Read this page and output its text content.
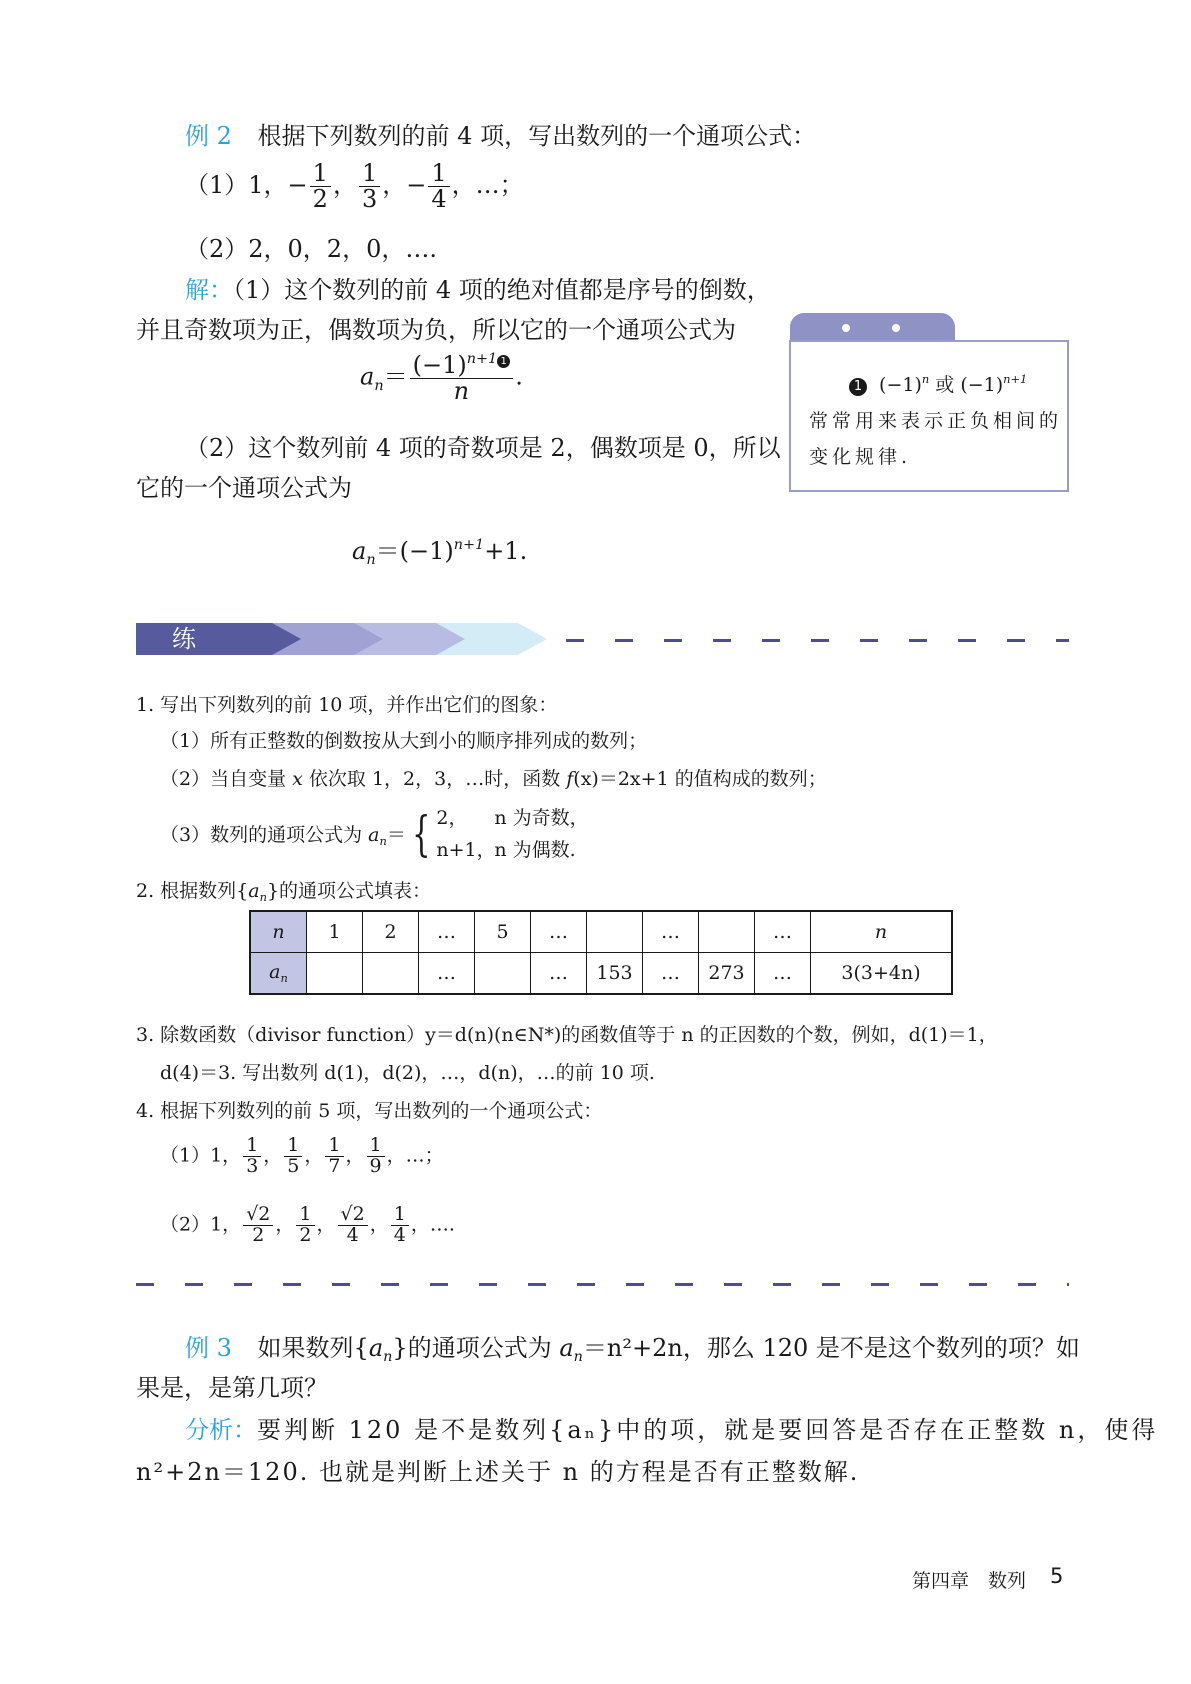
例 2 根据下列数列的前 4 项，写出数列的一个通项公式：
（1）1，− $\frac{1}{2}$ ， $\frac{1}{3}$ ，− $\frac{1}{4}$ ，…；
（2）2，0，2，0，….
解：（1）这个数列的前 4 项的绝对值都是序号的倒数，
并且奇数项为正，偶数项为负，所以它的一个通项公式为
$a_n= \frac{(-1)^{n+1} 1}{n}$ .
（2）这个数列前 4 项的奇数项是 2，偶数项是 0，所以
它的一个通项公式为
$a_n=(-1)^{n+1}+1$.
1 $(-1)^n$ 或 $(-1)^{n+1}$
常常用来表示正负相间的
变化规律.
练习
1. 写出下列数列的前 10 项，并作出它们的图象：
（1）所有正整数的倒数按从大到小的顺序排列成的数列；
（2）当自变量 x 依次取 1，2，3，…时，函数 f(x)＝2x+1 的值构成的数列；
（3）数列的通项公式为 $a_n=$ { 2， n 为奇数，
n+1，n 为偶数.
2. 根据数列$\{a_n\}$的通项公式填表：
n	1	2	…	5	…		…		…	n
$a_n$			…		…	153	…	273	…	3(3+4n)
3. 除数函数（divisor function）y＝d(n)(n∈N*)的函数值等于 n 的正因数的个数，例如，d(1)＝1，
d(4)＝3. 写出数列 d(1)，d(2)，…，d(n)，…的前 10 项.
4. 根据下列数列的前 5 项，写出数列的一个通项公式：
（1）1， $\frac{1}{3}$ ， $\frac{1}{5}$ ， $\frac{1}{7}$ ， $\frac{1}{9}$ ，…；
（2）1， $\frac{√2}{2}$ ， $\frac{1}{2}$ ， $\frac{√2}{4}$ ， $\frac{1}{4}$ ，….
例 3 如果数列$\{a_n\}$的通项公式为 $a_n=n^2+2n$，那么 120 是不是这个数列的项？如
果是，是第几项？
分析：要判断 120 是不是数列{aₙ}中的项，就是要回答是否存在正整数 n，使得
n²+2n＝120. 也就是判断上述关于 n 的方程是否有正整数解.
第四章　数列 5
